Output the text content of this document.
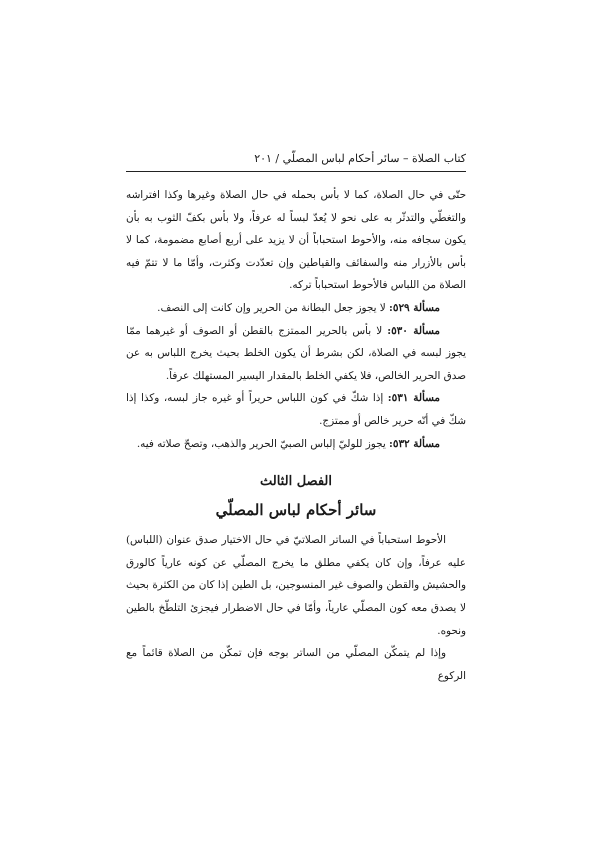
كتاب الصلاة – سائر أحكام لباس المصلّي / ٢٠١

حتّى في حال الصلاة، كما لا بأس بحمله في حال الصلاة وغيرها وكذا افتراشه والتغطّي والتدثّر به على نحو لا يُعدّ لبساً له عرفاً، ولا بأس بكفّ الثوب به بأن يكون سجافه منه، والأحوط استحباباً أن لا يزيد على أربع أصابع مضمومة، كما لا بأس بالأزرار منه والسفائف والقياطين وإن تعدّدت وكثرت، وأمّا ما لا تتمّ فيه الصلاة من اللباس فالأحوط استحباباً تركه.

مسألة ٥٢٩: لا يجوز جعل البطانة من الحرير وإن كانت إلى النصف.

مسألة ٥٣٠: لا بأس بالحرير الممتزج بالقطن أو الصوف أو غيرهما ممّا يجوز لبسه في الصلاة، لكن بشرط أن يكون الخلط بحيث يخرج اللباس به عن صدق الحرير الخالص، فلا يكفي الخلط بالمقدار اليسير المستهلك عرفاً.

مسألة ٥٣١: إذا شكّ في كون اللباس حريراً أو غيره جاز لبسه، وكذا إذا شكّ في أنّه حرير خالص أو ممتزج.

مسألة ٥٣٢: يجوز للوليّ إلباس الصبيّ الحرير والذهب، وتصحّ صلاته فيه.

الفصل الثالث

سائر أحكام لباس المصلّي

الأحوط استحباباً في الساتر الصلاتيّ في حال الاختيار صدق عنوان (اللباس) عليه عرفاً، وإن كان يكفي مطلق ما يخرج المصلّي عن كونه عارياً كالورق والحشيش والقطن والصوف غير المنسوجين، بل الطين إذا كان من الكثرة بحيث لا يصدق معه كون المصلّي عارياً، وأمّا في حال الاضطرار فيجزئ التلطّخ بالطين ونحوه.

وإذا لم يتمكّن المصلّي من الساتر بوجه فإن تمكّن من الصلاة قائماً مع الركوع
